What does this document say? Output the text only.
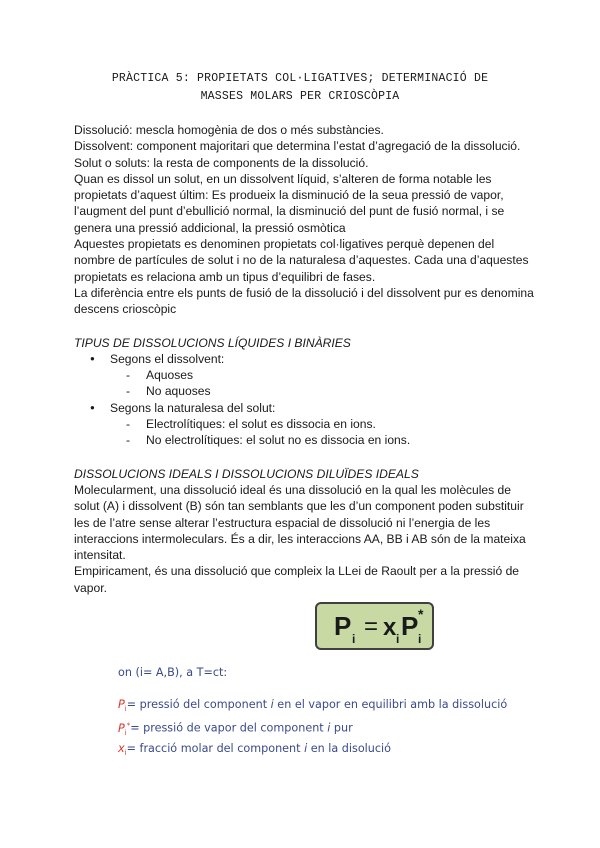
PRÀCTICA 5: PROPIETATS COL·LIGATIVES; DETERMINACIÓ DE
MASSES MOLARS PER CRIOSCÒPIA

Dissolució: mescla homogènia de dos o més substàncies.

Dissolvent: component majoritari que determina l’estat d’agregació de la dissolució.

Solut o soluts: la resta de components de la dissolució.

Quan es dissol un solut, en un dissolvent líquid, s’alteren de forma notable les propietats d’aquest últim: Es produeix la disminució de la seua pressió de vapor, l’augment del punt d’ebullició normal, la disminució del punt de fusió normal, i se genera una pressió addicional, la pressió osmòtica

Aquestes propietats es denominen propietats col·ligatives perquè depenen del nombre de partícules de solut i no de la naturalesa d’aquestes. Cada una d’aquestes propietats es relaciona amb un tipus d’equilibri de fases.

La diferència entre els punts de fusió de la dissolució i del dissolvent pur es denomina descens crioscòpic

TIPUS DE DISSOLUCIONS LÍQUIDES I BINÀRIES

● Segons el dissolvent:
- Aquoses
- No aquoses
● Segons la naturalesa del solut:
- Electrolítiques: el solut es dissocia en ions.
- No electrolítiques: el solut no es dissocia en ions.

DISSOLUCIONS IDEALS I DISSOLUCIONS DILUÏDES IDEALS

Molecularment, una dissolució ideal és una dissolució en la qual les molècules de solut (A) i dissolvent (B) són tan semblants que les d’un component poden substituir les de l’atre sense alterar l’estructura espacial de dissolució ni l’energia de les interaccions intermoleculars. És a dir, les interaccions AA, BB i AB són de la mateixa intensitat.

Empiricament, és una dissolució que compleix la LLei de Raoult per a la pressió de vapor.

P i = x i P i
*
on (i= A,B), a T=ct:
$P_i=$ pressió del component i en el vapor en equilibri amb la dissolució
$P_i^*=$ pressió de vapor del component i pur
$x_i=$ fracció molar del component i en la disolució
